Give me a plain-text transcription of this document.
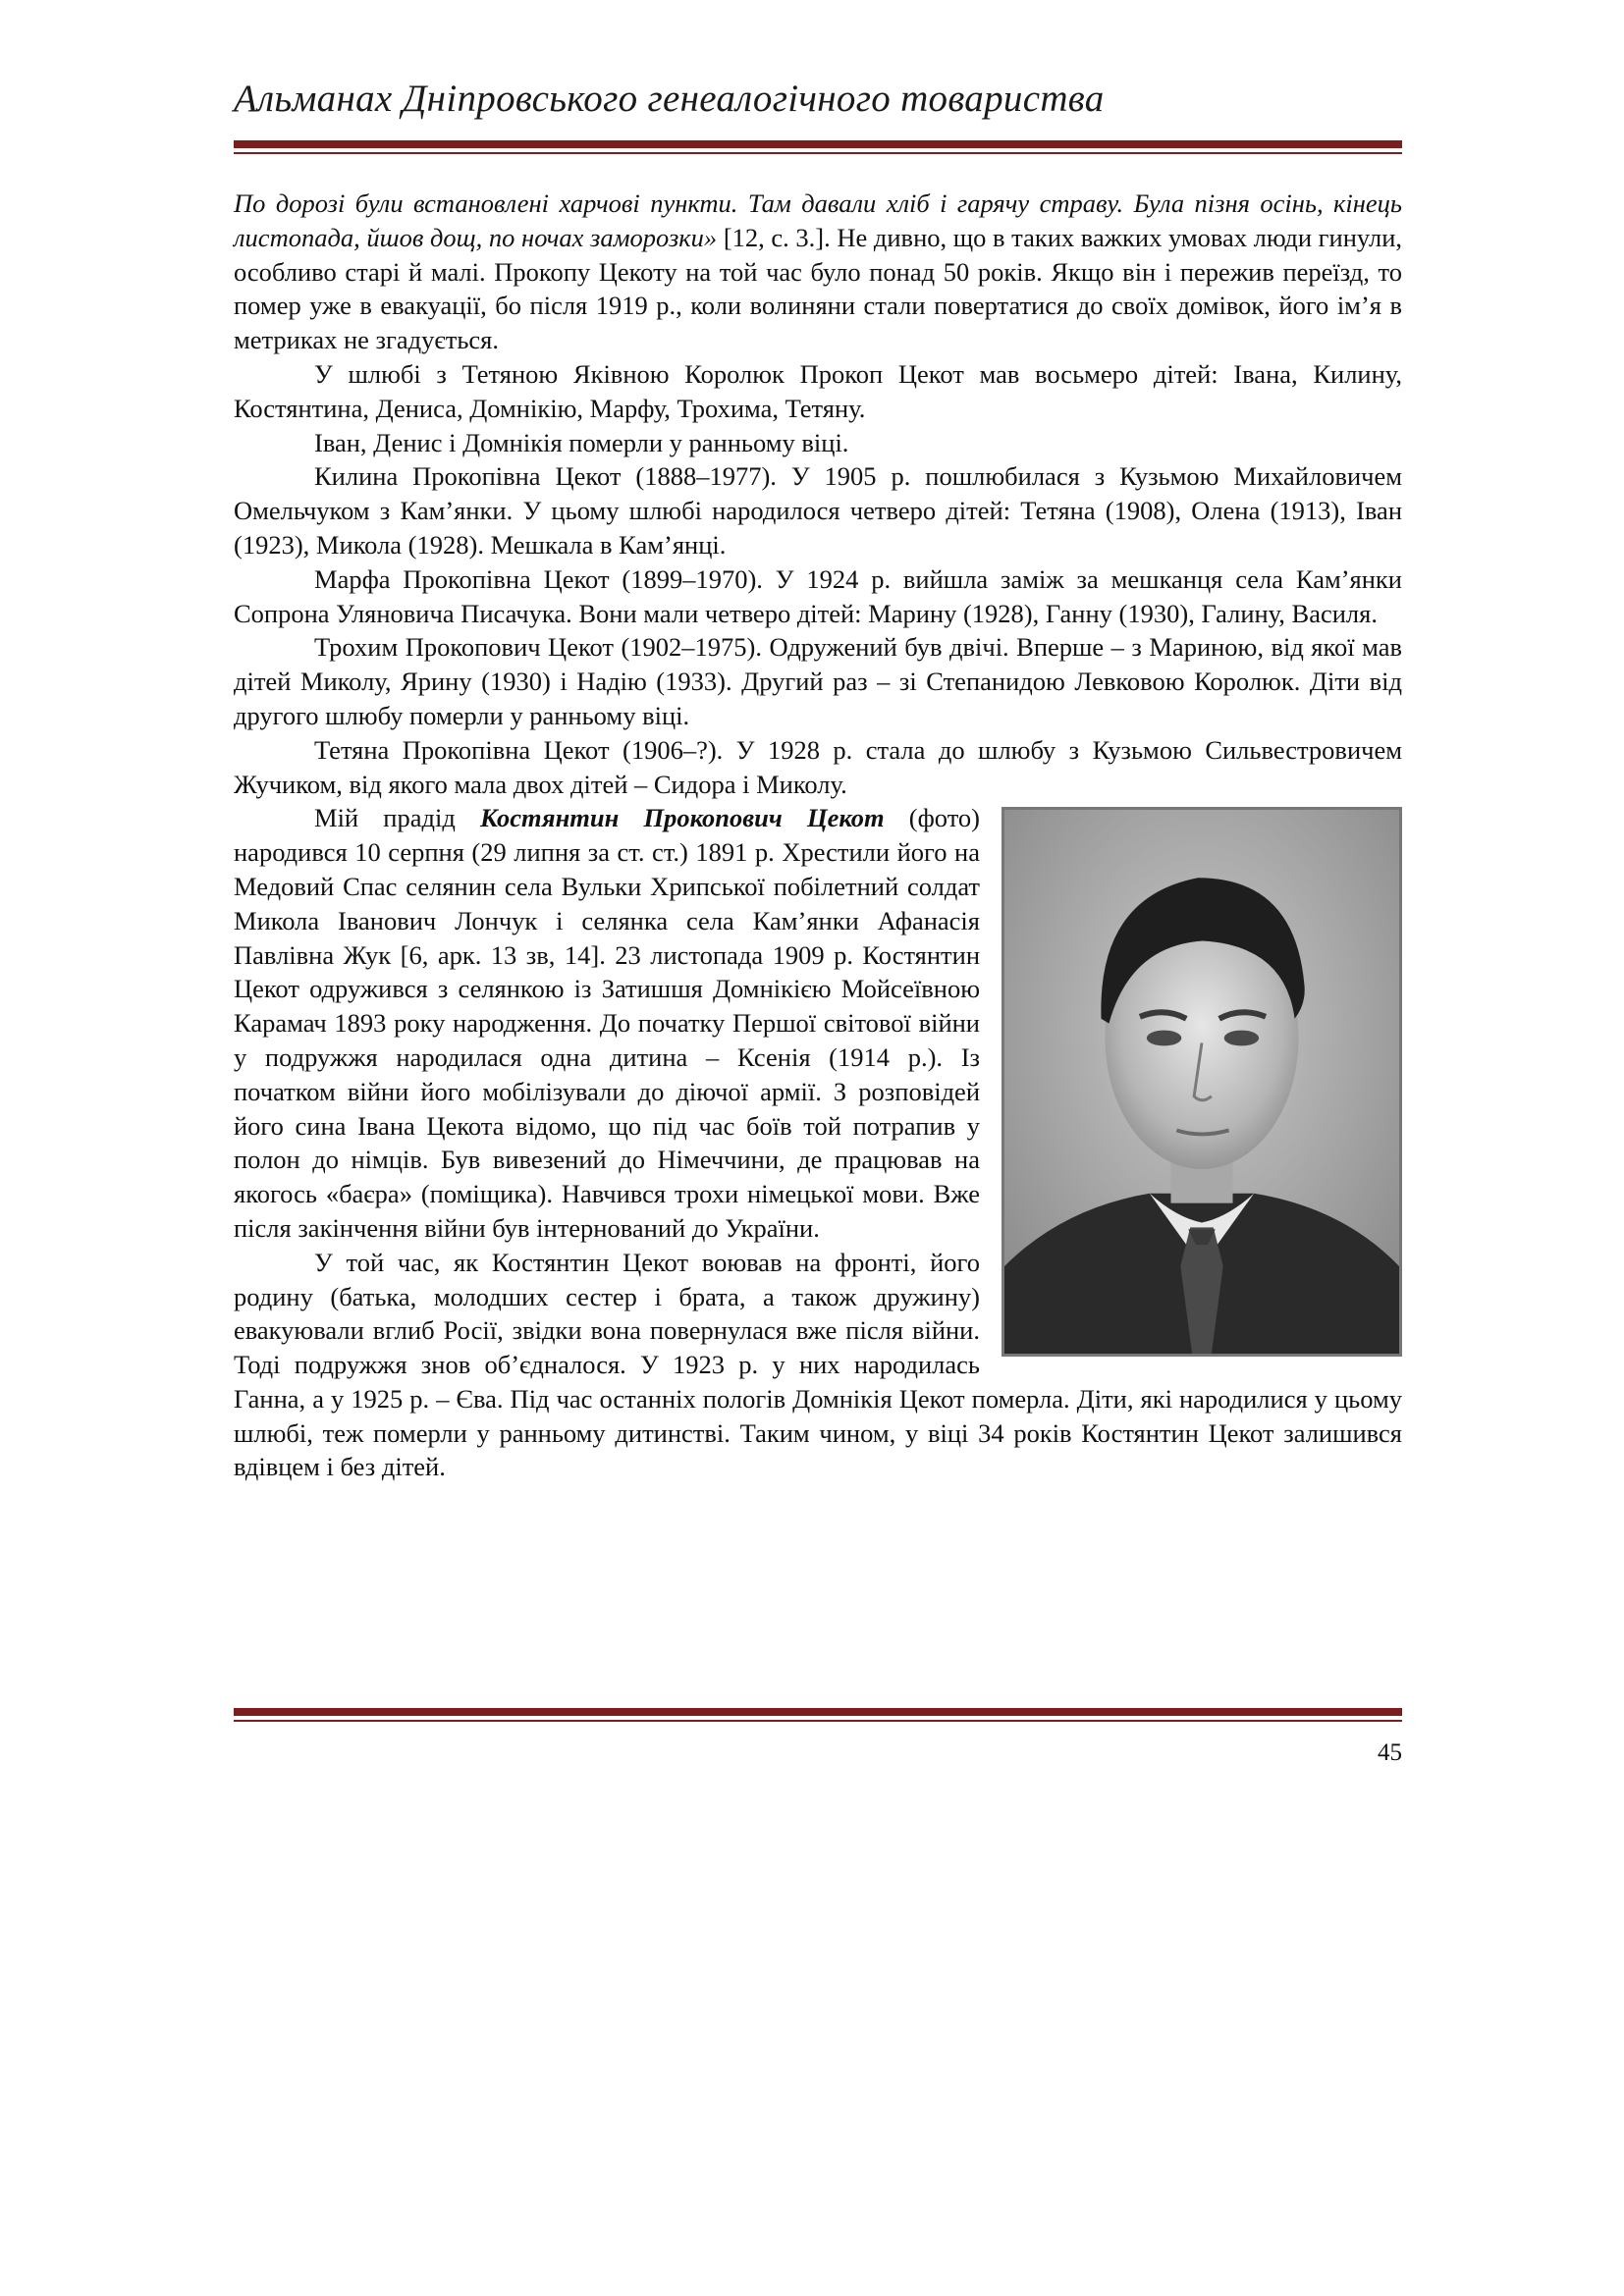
Альманах Дніпровського генеалогічного товариства

По дорозі були встановлені харчові пункти. Там давали хліб і гарячу страву. Була пізня осінь, кінець листопада, йшов дощ, по ночах заморозки» [12, с. 3.]. Не дивно, що в таких важких умовах люди гинули, особливо старі й малі. Прокопу Цекоту на той час було понад 50 років. Якщо він і пережив переїзд, то помер уже в евакуації, бо після 1919 р., коли волиняни стали повертатися до своїх домівок, його ім’я в метриках не згадується.

У шлюбі з Тетяною Яківною Королюк Прокоп Цекот мав восьмеро дітей: Івана, Килину, Костянтина, Дениса, Домнікію, Марфу, Трохима, Тетяну.

Іван, Денис і Домнікія померли у ранньому віці.

Килина Прокопівна Цекот (1888–1977). У 1905 р. пошлюбилася з Кузьмою Михайловичем Омельчуком з Кам’янки. У цьому шлюбі народилося четверо дітей: Тетяна (1908), Олена (1913), Іван (1923), Микола (1928). Мешкала в Кам’янці.

Марфа Прокопівна Цекот (1899–1970). У 1924 р. вийшла заміж за мешканця села Кам’янки Сопрона Уляновича Писачука. Вони мали четверо дітей: Марину (1928), Ганну (1930), Галину, Василя.

Трохим Прокопович Цекот (1902–1975). Одружений був двічі. Вперше – з Мариною, від якої мав дітей Миколу, Ярину (1930) і Надію (1933). Другий раз – зі Степанидою Левковою Королюк. Діти від другого шлюбу померли у ранньому віці.

Тетяна Прокопівна Цекот (1906–?). У 1928 р. стала до шлюбу з Кузьмою Сильвестровичем Жучиком, від якого мала двох дітей – Сидора і Миколу.

Мій прадід Костянтин Прокопович Цекот (фото) народився 10 серпня (29 липня за ст. ст.) 1891 р. Хрестили його на Медовий Спас селянин села Вульки Хрипської побілетний солдат Микола Іванович Лончук і селянка села Кам’янки Афанасія Павлівна Жук [6, арк. 13 зв, 14]. 23 листопада 1909 р. Костянтин Цекот одружився з селянкою із Затишшя Домнікією Мойсеївною Карамач 1893 року народження. До початку Першої світової війни у подружжя народилася одна дитина – Ксенія (1914 р.). Із початком війни його мобілізували до діючої армії. З розповідей його сина Івана Цекота відомо, що під час боїв той потрапив у полон до німців. Був вивезений до Німеччини, де працював на якогось «баєра» (поміщика). Навчився трохи німецької мови. Вже після закінчення війни був інтернований до України.

У той час, як Костянтин Цекот воював на фронті, його родину (батька, молодших сестер і брата, а також дружину) евакуювали вглиб Росії, звідки вона повернулася вже після війни. Тоді подружжя знов об’єдналося. У 1923 р. у них народилась Ганна, а у 1925 р. – Єва. Під час останніх пологів Домнікія Цекот померла. Діти, які народилися у цьому шлюбі, теж померли у ранньому дитинстві. Таким чином, у віці 34 років Костянтин Цекот залишився вдівцем і без дітей.

45
